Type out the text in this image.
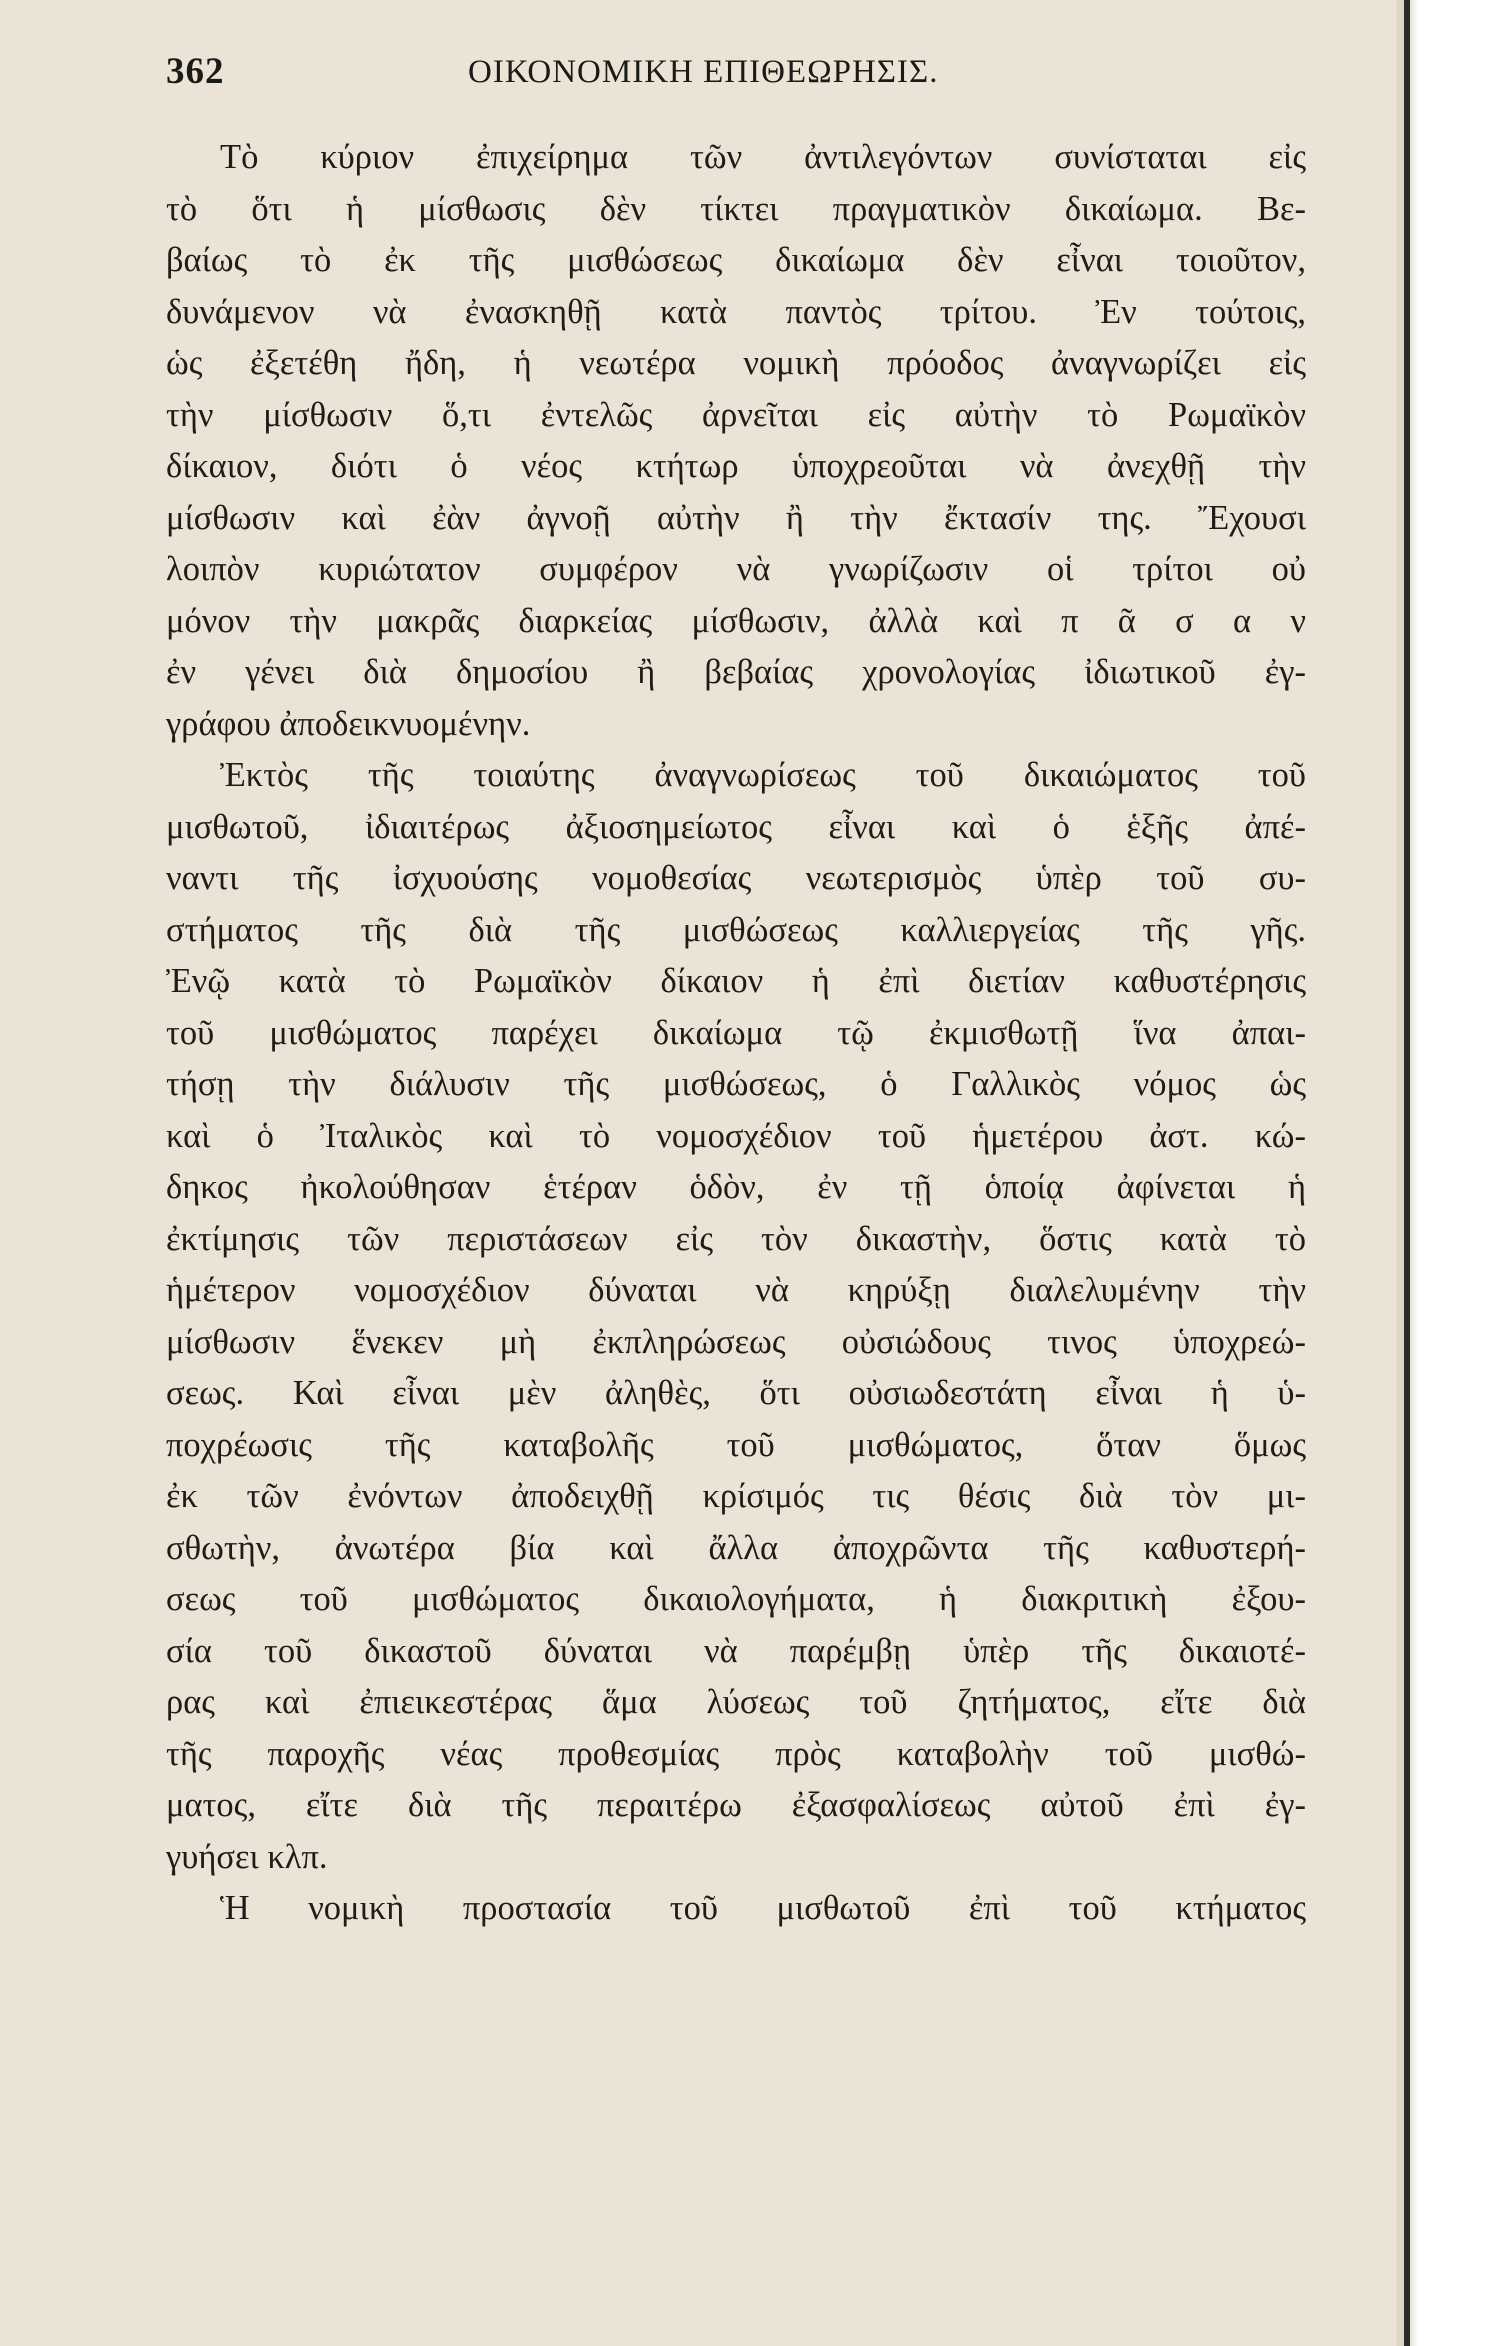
362	ΟΙΚΟΝΟΜΙΚΗ ΕΠΙΘΕΩΡΗΣΙΣ.

Τὸ κύριον ἐπιχείρημα τῶν ἀντιλεγόντων συνίσταται εἰς
τὸ ὅτι ἡ μίσθωσις δὲν τίκτει πραγματικὸν δικαίωμα. Βε-
βαίως τὸ ἐκ τῆς μισθώσεως δικαίωμα δὲν εἶναι τοιοῦτον,
δυνάμενον νὰ ἐνασκηθῇ κατὰ παντὸς τρίτου. Ἐν τούτοις,
ὡς ἐξετέθη ἤδη, ἡ νεωτέρα νομικὴ πρόοδος ἀναγνωρίζει εἰς
τὴν μίσθωσιν ὅ,τι ἐντελῶς ἀρνεῖται εἰς αὐτὴν τὸ Ρωμαϊκὸν
δίκαιον, διότι ὁ νέος κτήτωρ ὑποχρεοῦται νὰ ἀνεχθῇ τὴν
μίσθωσιν καὶ ἐὰν ἀγνοῇ αὐτὴν ἢ τὴν ἔκτασίν της. Ἔχουσι
λοιπὸν κυριώτατον συμφέρον νὰ γνωρίζωσιν οἱ τρίτοι οὐ
μόνον τὴν μακρᾶς διαρκείας μίσθωσιν, ἀλλὰ καὶ π ᾶ σ α ν
ἐν γένει διὰ δημοσίου ἢ βεβαίας χρονολογίας ἰδιωτικοῦ ἐγ-
γράφου ἀποδεικνυομένην.

Ἐκτὸς τῆς τοιαύτης ἀναγνωρίσεως τοῦ δικαιώματος τοῦ
μισθωτοῦ, ἰδιαιτέρως ἀξιοσημείωτος εἶναι καὶ ὁ ἑξῆς ἀπέ-
ναντι τῆς ἰσχυούσης νομοθεσίας νεωτερισμὸς ὑπὲρ τοῦ συ-
στήματος τῆς διὰ τῆς μισθώσεως καλλιεργείας τῆς γῆς.
Ἐνῷ κατὰ τὸ Ρωμαϊκὸν δίκαιον ἡ ἐπὶ διετίαν καθυστέρησις
τοῦ μισθώματος παρέχει δικαίωμα τῷ ἐκμισθωτῇ ἵνα ἀπαι-
τήσῃ τὴν διάλυσιν τῆς μισθώσεως, ὁ Γαλλικὸς νόμος ὡς
καὶ ὁ Ἰταλικὸς καὶ τὸ νομοσχέδιον τοῦ ἡμετέρου ἀστ. κώ-
δηκος ἠκολούθησαν ἑτέραν ὁδὸν, ἐν τῇ ὁποίᾳ ἀφίνεται ἡ
ἐκτίμησις τῶν περιστάσεων εἰς τὸν δικαστὴν, ὅστις κατὰ τὸ
ἡμέτερον νομοσχέδιον δύναται νὰ κηρύξῃ διαλελυμένην τὴν
μίσθωσιν ἕνεκεν μὴ ἐκπληρώσεως οὐσιώδους τινος ὑποχρεώ-
σεως. Καὶ εἶναι μὲν ἀληθὲς, ὅτι οὐσιωδεστάτη εἶναι ἡ ὑ-
ποχρέωσις τῆς καταβολῆς τοῦ μισθώματος, ὅταν ὅμως
ἐκ τῶν ἐνόντων ἀποδειχθῇ κρίσιμός τις θέσις διὰ τὸν μι-
σθωτὴν, ἀνωτέρα βία καὶ ἄλλα ἀποχρῶντα τῆς καθυστερή-
σεως τοῦ μισθώματος δικαιολογήματα, ἡ διακριτικὴ ἐξου-
σία τοῦ δικαστοῦ δύναται νὰ παρέμβῃ ὑπὲρ τῆς δικαιοτέ-
ρας καὶ ἐπιεικεστέρας ἅμα λύσεως τοῦ ζητήματος, εἴτε διὰ
τῆς παροχῆς νέας προθεσμίας πρὸς καταβολὴν τοῦ μισθώ-
ματος, εἴτε διὰ τῆς περαιτέρω ἐξασφαλίσεως αὐτοῦ ἐπὶ ἐγ-
γυήσει κλπ.

Ἡ νομικὴ προστασία τοῦ μισθωτοῦ ἐπὶ τοῦ κτήματος
